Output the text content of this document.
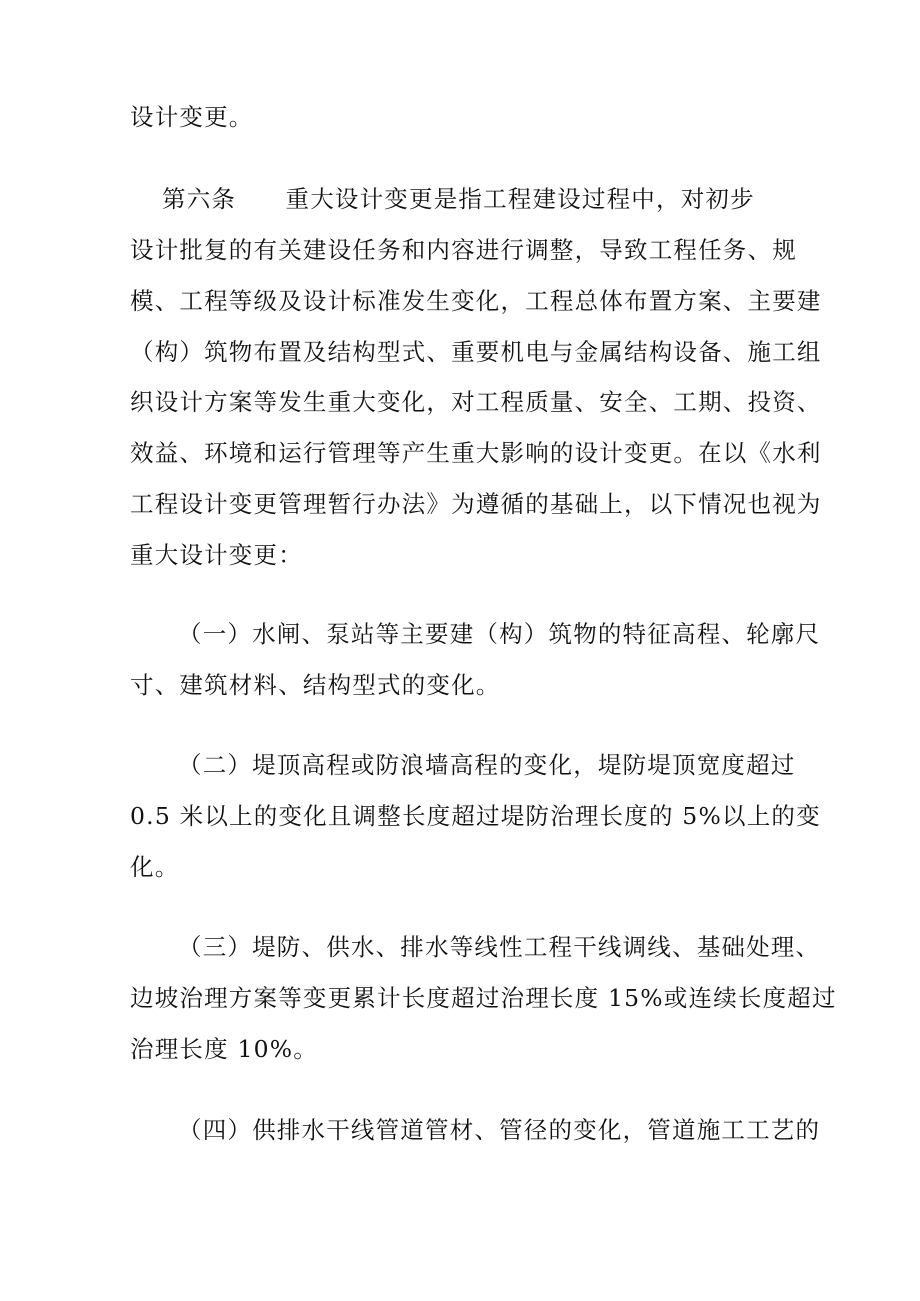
设计变更。
第六条　　重大设计变更是指工程建设过程中，对初步
设计批复的有关建设任务和内容进行调整，导致工程任务、规
模、工程等级及设计标准发生变化，工程总体布置方案、主要建
（构）筑物布置及结构型式、重要机电与金属结构设备、施工组
织设计方案等发生重大变化，对工程质量、安全、工期、投资、
效益、环境和运行管理等产生重大影响的设计变更。在以《水利
工程设计变更管理暂行办法》为遵循的基础上，以下情况也视为
重大设计变更：
（一）水闸、泵站等主要建（构）筑物的特征高程、轮廓尺
寸、建筑材料、结构型式的变化。
（二）堤顶高程或防浪墙高程的变化，堤防堤顶宽度超过
0.5 米以上的变化且调整长度超过堤防治理长度的 5%以上的变
化。
（三）堤防、供水、排水等线性工程干线调线、基础处理、
边坡治理方案等变更累计长度超过治理长度 15%或连续长度超过
治理长度 10%。
（四）供排水干线管道管材、管径的变化，管道施工工艺的
